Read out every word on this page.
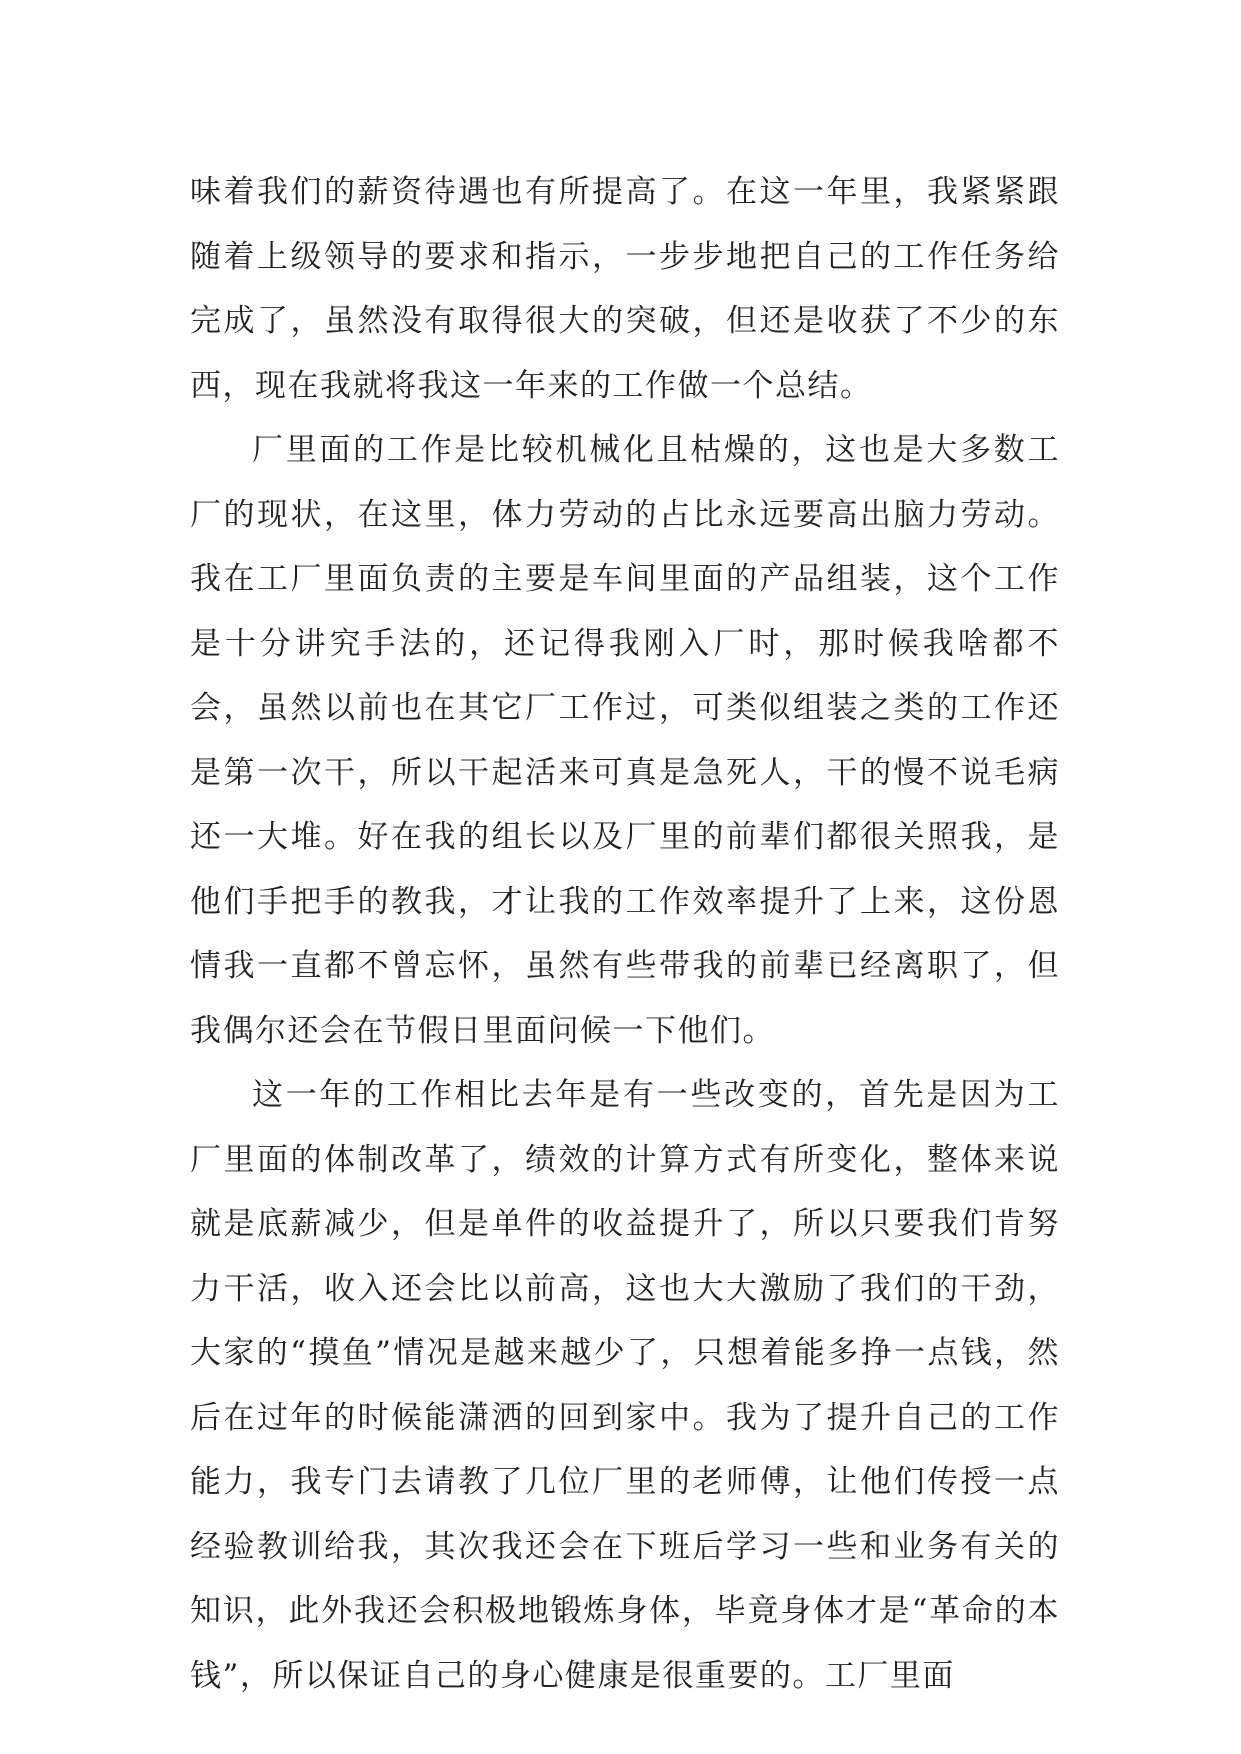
味着我们的薪资待遇也有所提高了。在这一年里，我紧紧跟随着上级领导的要求和指示，一步步地把自己的工作任务给完成了，虽然没有取得很大的突破，但还是收获了不少的东西，现在我就将我这一年来的工作做一个总结。

厂里面的工作是比较机械化且枯燥的，这也是大多数工厂的现状，在这里，体力劳动的占比永远要高出脑力劳动。我在工厂里面负责的主要是车间里面的产品组装，这个工作是十分讲究手法的，还记得我刚入厂时，那时候我啥都不会，虽然以前也在其它厂工作过，可类似组装之类的工作还是第一次干，所以干起活来可真是急死人，干的慢不说毛病还一大堆。好在我的组长以及厂里的前辈们都很关照我，是他们手把手的教我，才让我的工作效率提升了上来，这份恩情我一直都不曾忘怀，虽然有些带我的前辈已经离职了，但我偶尔还会在节假日里面问候一下他们。

这一年的工作相比去年是有一些改变的，首先是因为工厂里面的体制改革了，绩效的计算方式有所变化，整体来说就是底薪减少，但是单件的收益提升了，所以只要我们肯努力干活，收入还会比以前高，这也大大激励了我们的干劲，大家的“摸鱼”情况是越来越少了，只想着能多挣一点钱，然后在过年的时候能潇洒的回到家中。我为了提升自己的工作能力，我专门去请教了几位厂里的老师傅，让他们传授一点经验教训给我，其次我还会在下班后学习一些和业务有关的知识，此外我还会积极地锻炼身体，毕竟身体才是“革命的本钱”，所以保证自己的身心健康是很重要的。工厂里面
